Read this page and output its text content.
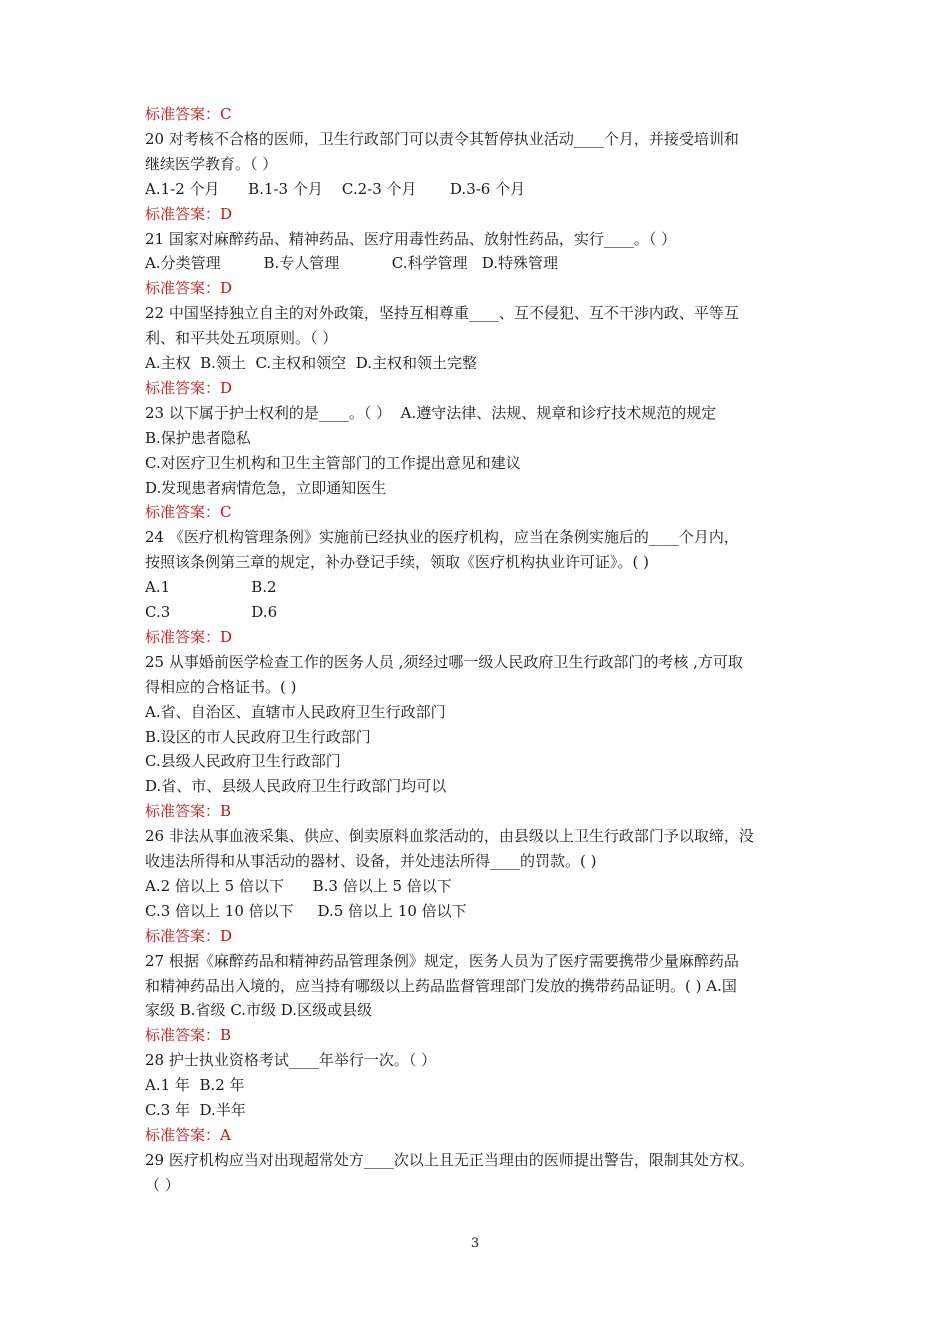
标准答案：C
20 对考核不合格的医师，卫生行政部门可以责令其暂停执业活动____个月，并接受培训和
继续医学教育。（ ）
A.1-2 个月      B.1-3 个月    C.2-3 个月       D.3-6 个月
标准答案：D
21 国家对麻醉药品、精神药品、医疗用毒性药品、放射性药品，实行____。（ ）
A.分类管理         B.专人管理           C.科学管理   D.特殊管理
标准答案：D
22 中国坚持独立自主的对外政策，坚持互相尊重____、互不侵犯、互不干涉内政、平等互
利、和平共处五项原则。（ ）
A.主权  B.领土  C.主权和领空  D.主权和领土完整
标准答案：D
23 以下属于护士权利的是____。（ ）  A.遵守法律、法规、规章和诊疗技术规范的规定
B.保护患者隐私
C.对医疗卫生机构和卫生主管部门的工作提出意见和建议
D.发现患者病情危急，立即通知医生
标准答案：C
24 《医疗机构管理条例》实施前已经执业的医疗机构，应当在条例实施后的____个月内，
按照该条例第三章的规定，补办登记手续，领取《医疗机构执业许可证》。( )
A.1                 B.2
C.3                 D.6
标准答案：D
25 从事婚前医学检查工作的医务人员 ,须经过哪一级人民政府卫生行政部门的考核 ,方可取
得相应的合格证书。( )
A.省、自治区、直辖市人民政府卫生行政部门
B.设区的市人民政府卫生行政部门
C.县级人民政府卫生行政部门
D.省、市、县级人民政府卫生行政部门均可以
标准答案：B
26 非法从事血液采集、供应、倒卖原料血浆活动的，由县级以上卫生行政部门予以取缔，没
收违法所得和从事活动的器材、设备，并处违法所得____的罚款。( )
A.2 倍以上 5 倍以下      B.3 倍以上 5 倍以下
C.3 倍以上 10 倍以下     D.5 倍以上 10 倍以下
标准答案：D
27 根据《麻醉药品和精神药品管理条例》规定，医务人员为了医疗需要携带少量麻醉药品
和精神药品出入境的，应当持有哪级以上药品监督管理部门发放的携带药品证明。( ) A.国
家级 B.省级 C.市级 D.区级或县级
标准答案：B
28 护士执业资格考试____年举行一次。（ ）
A.1 年  B.2 年
C.3 年  D.半年
标准答案：A
29 医疗机构应当对出现超常处方____次以上且无正当理由的医师提出警告，限制其处方权。
（ ）
3
